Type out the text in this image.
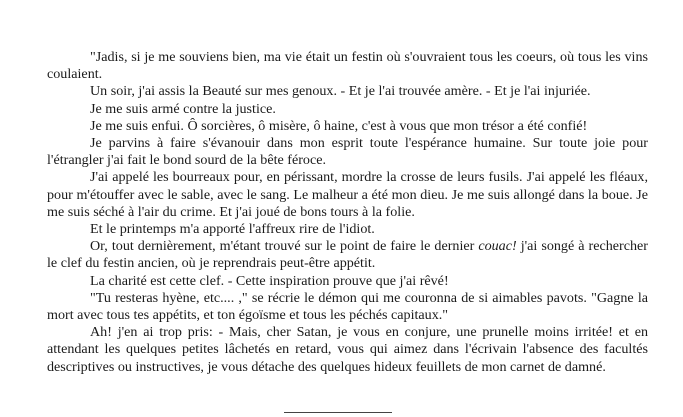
"Jadis, si je me souviens bien, ma vie était un festin où s'ouvraient tous les coeurs, où tous les vins coulaient.

Un soir, j'ai assis la Beauté sur mes genoux. - Et je l'ai trouvée amère. - Et je l'ai injuriée.

Je me suis armé contre la justice.

Je me suis enfui. Ô sorcières, ô misère, ô haine, c'est à vous que mon trésor a été confié!

Je parvins à faire s'évanouir dans mon esprit toute l'espérance humaine. Sur toute joie pour l'étrangler j'ai fait le bond sourd de la bête féroce.

J'ai appelé les bourreaux pour, en périssant, mordre la crosse de leurs fusils. J'ai appelé les fléaux, pour m'étouffer avec le sable, avec le sang. Le malheur a été mon dieu. Je me suis allongé dans la boue. Je me suis séché à l'air du crime. Et j'ai joué de bons tours à la folie.

Et le printemps m'a apporté l'affreux rire de l'idiot.

Or, tout dernièrement, m'étant trouvé sur le point de faire le dernier couac! j'ai songé à rechercher le clef du festin ancien, où je reprendrais peut-être appétit.

La charité est cette clef. - Cette inspiration prouve que j'ai rêvé!

"Tu resteras hyène, etc.... ," se récrie le démon qui me couronna de si aimables pavots. "Gagne la mort avec tous tes appétits, et ton égoïsme et tous les péchés capitaux."

Ah! j'en ai trop pris: - Mais, cher Satan, je vous en conjure, une prunelle moins irritée! et en attendant les quelques petites lâchetés en retard, vous qui aimez dans l'écrivain l'absence des facultés descriptives ou instructives, je vous détache des quelques hideux feuillets de mon carnet de damné.
